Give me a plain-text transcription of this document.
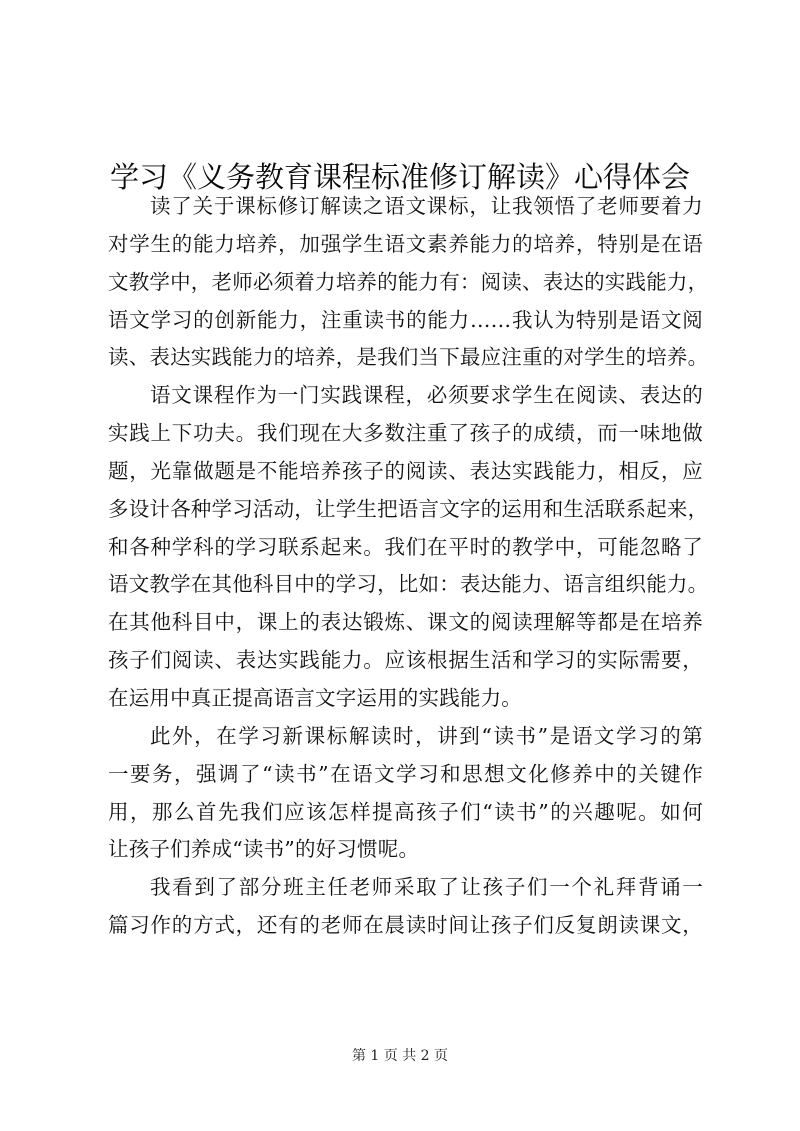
学习《义务教育课程标准修订解读》心得体会
读了关于课标修订解读之语文课标，让我领悟了老师要着力
对学生的能力培养，加强学生语文素养能力的培养，特别是在语
文教学中，老师必须着力培养的能力有：阅读、表达的实践能力，
语文学习的创新能力，注重读书的能力……我认为特别是语文阅
读、表达实践能力的培养，是我们当下最应注重的对学生的培养。
语文课程作为一门实践课程，必须要求学生在阅读、表达的
实践上下功夫。我们现在大多数注重了孩子的成绩，而一味地做
题，光靠做题是不能培养孩子的阅读、表达实践能力，相反，应
多设计各种学习活动，让学生把语言文字的运用和生活联系起来，
和各种学科的学习联系起来。我们在平时的教学中，可能忽略了
语文教学在其他科目中的学习，比如：表达能力、语言组织能力。
在其他科目中，课上的表达锻炼、课文的阅读理解等都是在培养
孩子们阅读、表达实践能力。应该根据生活和学习的实际需要，
在运用中真正提高语言文字运用的实践能力。
此外，在学习新课标解读时，讲到“读书”是语文学习的第
一要务，强调了“读书”在语文学习和思想文化修养中的关键作
用，那么首先我们应该怎样提高孩子们“读书”的兴趣呢。如何
让孩子们养成“读书”的好习惯呢。
我看到了部分班主任老师采取了让孩子们一个礼拜背诵一
篇习作的方式，还有的老师在晨读时间让孩子们反复朗读课文，
第 1 页 共 2 页
